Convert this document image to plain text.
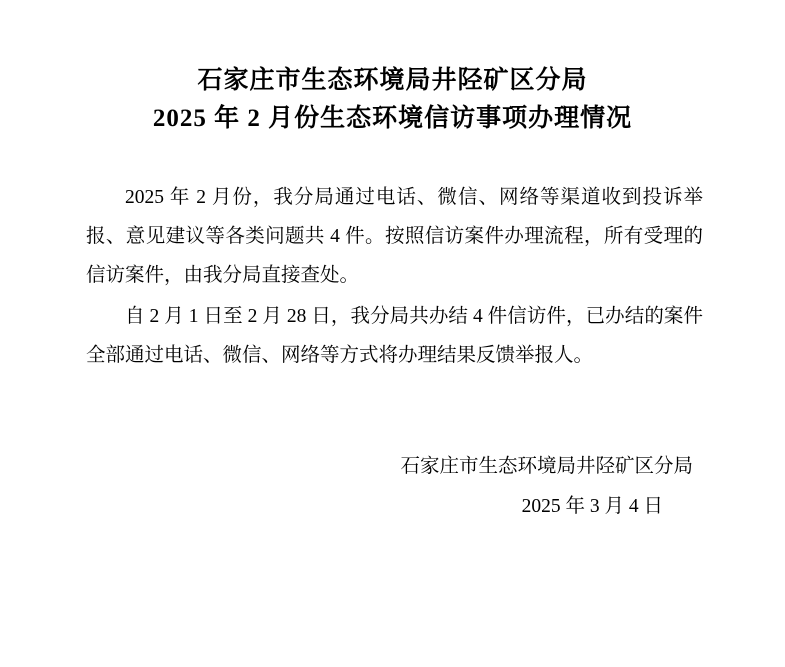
石家庄市生态环境局井陉矿区分局
2025 年 2 月份生态环境信访事项办理情况

2025 年 2 月份，我分局通过电话、微信、网络等渠道收到投诉举报、意见建议等各类问题共 4 件。按照信访案件办理流程，所有受理的信访案件，由我分局直接查处。

自 2 月 1 日至 2 月 28 日，我分局共办结 4 件信访件，已办结的案件全部通过电话、微信、网络等方式将办理结果反馈举报人。

石家庄市生态环境局井陉矿区分局
2025 年 3 月 4 日
